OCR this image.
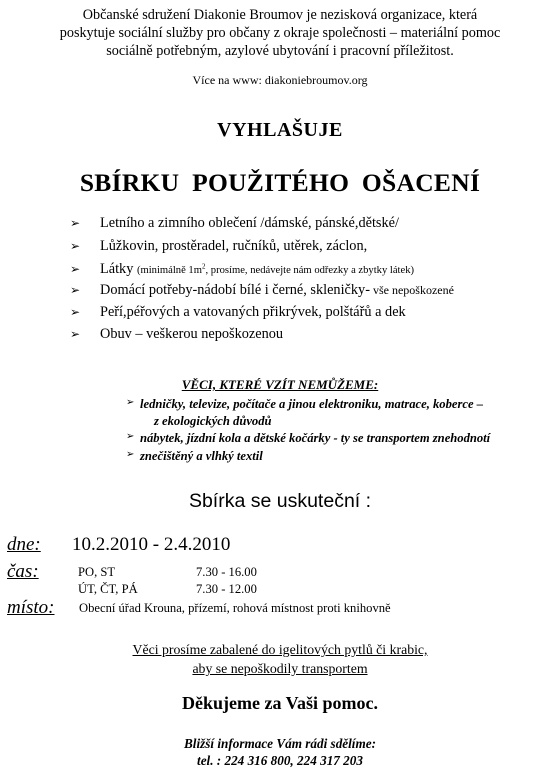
Občanské sdružení Diakonie Broumov je nezisková organizace, která
poskytuje sociální služby pro občany z okraje společnosti – materiální pomoc
sociálně potřebným, azylové ubytování i pracovní příležitost.
Více na www: diakoniebroumov.org
VYHLAŠUJE
SBÍRKU POUŽITÉHO OŠACENÍ
➢ Letního a zimního oblečení /dámské, pánské,dětské/
➢ Lůžkovin, prostěradel, ručníků, utěrek, záclon,
➢ Látky (minimálně $1m^2$, prosíme, nedávejte nám odřezky a zbytky látek)
➢ Domácí potřeby-nádobí bílé i černé, skleničky- vše nepoškozené
➢ Peří,péřových a vatovaných přikrývek, polštářů a dek
➢ Obuv – veškerou nepoškozenou
VĚCI, KTERÉ VZÍT NEMŮŽEME:
➢ ledničky, televize, počítače a jinou elektroniku, matrace, koberce –
z ekologických důvodů
➢ nábytek, jízdní kola a dětské kočárky - ty se transportem znehodnotí
➢ znečištěný a vlhký textil
Sbírka se uskuteční :
dne: 10.2.2010 - 2.4.2010
čas:	PO, ST	7.30 - 16.00
ÚT, ČT, PÁ	7.30 - 12.00
místo: Obecní úřad Krouna, přízemí, rohová místnost proti knihovně
Věci prosíme zabalené do igelitových pytlů či krabic,
aby se nepoškodily transportem
Děkujeme za Vaši pomoc.
Bližší informace Vám rádi sdělíme:
tel. : 224 316 800, 224 317 203
